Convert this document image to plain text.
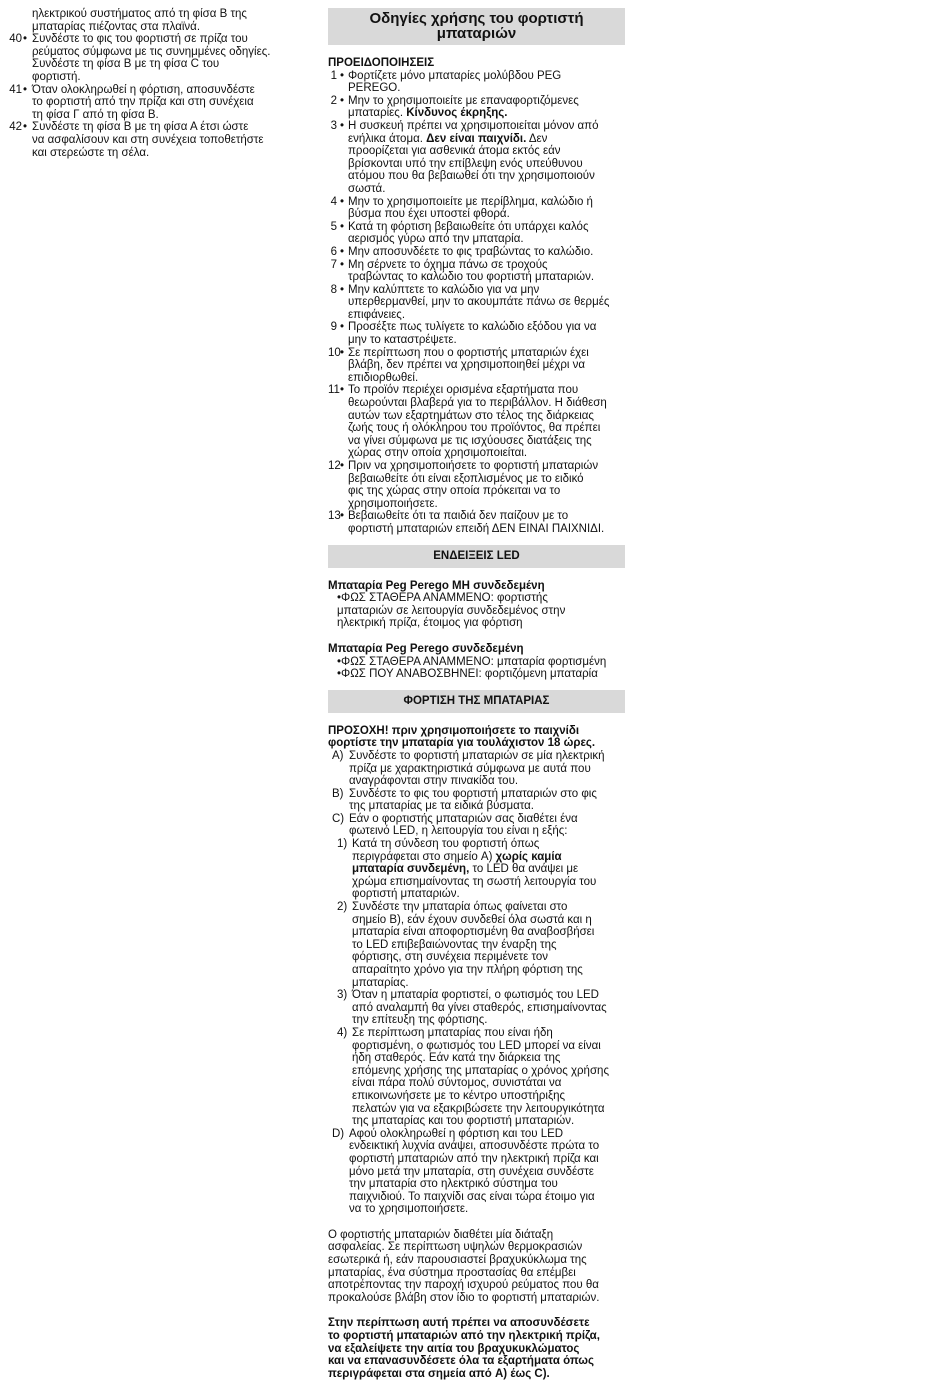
ηλεκτρικού συστήματος από τη φίσα Β της
μπαταρίας πιέζοντας στα πλαϊνά.
40 • Συνδέστε το φις του φορτιστή σε πρίζα του
ρεύματος σύμφωνα με τις συνημμένες οδηγίες.
Συνδέστε τη φίσα Β με τη φίσα C του
φορτιστή.
41 • Όταν ολοκληρωθεί η φόρτιση, αποσυνδέστε
το φορτιστή από την πρίζα και στη συνέχεια
τη φίσα Γ από τη φίσα Β.
42 • Συνδέστε τη φίσα Β με τη φίσα Α έτσι ώστε
να ασφαλίσουν και στη συνέχεια τοποθετήστε
και στερεώστε τη σέλα.
Οδηγίες χρήσης του φορτιστή
μπαταριών
ΠΡΟΕΙΔΟΠΟΙΗΣΕΙΣ
1 • Φορτίζετε μόνο μπαταρίες μολύβδου PEG
PEREGO.
2 • Μην το χρησιμοποιείτε με επαναφορτιζόμενες
μπαταρίες. Κίνδυνος έκρηξης.
3 • Η συσκευή πρέπει να χρησιμοποιείται μόνον από
ενήλικα άτομα. Δεν είναι παιχνίδι. Δεν
προορίζεται για ασθενικά άτομα εκτός εάν
βρίσκονται υπό την επίβλεψη ενός υπεύθυνου
ατόμου που θα βεβαιωθεί ότι την χρησιμοποιούν
σωστά.
4 • Μην το χρησιμοποιείτε με περίβλημα, καλώδιο ή
βύσμα που έχει υποστεί φθορά.
5 • Κατά τη φόρτιση βεβαιωθείτε ότι υπάρχει καλός
αερισμός γύρω από την μπαταρία.
6 • Μην αποσυνδέετε το φις τραβώντας το καλώδιο.
7 • Μη σέρνετε το όχημα πάνω σε τροχούς
τραβώντας το καλώδιο του φορτιστή μπαταριών.
8 • Μην καλύπτετε το καλώδιο για να μην
υπερθερμανθεί, μην το ακουμπάτε πάνω σε θερμές
επιφάνειες.
9 • Προσέξτε πως τυλίγετε το καλώδιο εξόδου για να
μην το καταστρέψετε.
10 • Σε περίπτωση που ο φορτιστής μπαταριών έχει
βλάβη, δεν πρέπει να χρησιμοποιηθεί μέχρι να
επιδιορθωθεί.
11 • Το προϊόν περιέχει ορισμένα εξαρτήματα που
θεωρούνται βλαβερά για το περιβάλλον. Η διάθεση
αυτών των εξαρτημάτων στο τέλος της διάρκειας
ζωής τους ή ολόκληρου του προϊόντος, θα πρέπει
να γίνει σύμφωνα με τις ισχύουσες διατάξεις της
χώρας στην οποία χρησιμοποιείται.
12 • Πριν να χρησιμοποιήσετε το φορτιστή μπαταριών
βεβαιωθείτε ότι είναι εξοπλισμένος με το ειδικό
φις της χώρας στην οποία πρόκειται να το
χρησιμοποιήσετε.
13 • Βεβαιωθείτε ότι τα παιδιά δεν παίζουν με το
φορτιστή μπαταριών επειδή ΔΕΝ ΕΙΝΑΙ ΠΑΙΧΝΙΔΙ.
ΕΝΔΕΙΞΕΙΣ LED
Μπαταρία Peg Perego ΜΗ συνδεδεμένη
•ΦΩΣ ΣΤΑΘΕΡΑ ΑΝΑΜΜΕΝΟ: φορτιστής
μπαταριών σε λειτουργία συνδεδεμένος στην
ηλεκτρική πρίζα, έτοιμος για φόρτιση
Μπαταρία Peg Perego συνδεδεμένη
•ΦΩΣ ΣΤΑΘΕΡΑ ΑΝΑΜΜΕΝΟ: μπαταρία φορτισμένη
•ΦΩΣ ΠΟΥ ΑΝΑΒΟΣΒΗΝΕΙ: φορτιζόμενη μπαταρία
ΦΟΡΤΙΣΗ ΤΗΣ ΜΠΑΤΑΡΙΑΣ
ΠΡΟΣΟΧΗ! πριν χρησιμοποιήσετε το παιχνίδι
φορτίστε την μπαταρία για τουλάχιστον 18 ώρες.
A) Συνδέστε το φορτιστή μπαταριών σε μία ηλεκτρική
πρίζα με χαρακτηριστικά σύμφωνα με αυτά που
αναγράφονται στην πινακίδα του.
B) Συνδέστε το φις του φορτιστή μπαταριών στο φις
της μπαταρίας με τα ειδικά βύσματα.
C) Εάν ο φορτιστής μπαταριών σας διαθέτει ένα
φωτεινό LED, η λειτουργία του είναι η εξής:
1) Κατά τη σύνδεση του φορτιστή όπως
περιγράφεται στο σημείο A) χωρίς καμία
μπαταρία συνδεμένη, το LED θα ανάψει με
χρώμα επισημαίνοντας τη σωστή λειτουργία του
φορτιστή μπαταριών.
2) Συνδέστε την μπαταρία όπως φαίνεται στο
σημείο Β), εάν έχουν συνδεθεί όλα σωστά και η
μπαταρία είναι αποφορτισμένη θα αναβοσβήσει
το LED επιβεβαιώνοντας την έναρξη της
φόρτισης, στη συνέχεια περιμένετε τον
απαραίτητο χρόνο για την πλήρη φόρτιση της
μπαταρίας.
3) Όταν η μπαταρία φορτιστεί, ο φωτισμός του LED
από αναλαμπή θα γίνει σταθερός, επισημαίνοντας
την επίτευξη της φόρτισης.
4) Σε περίπτωση μπαταρίας που είναι ήδη
φορτισμένη, ο φωτισμός του LED μπορεί να είναι
ήδη σταθερός. Εάν κατά την διάρκεια της
επόμενης χρήσης της μπαταρίας ο χρόνος χρήσης
είναι πάρα πολύ σύντομος, συνιστάται να
επικοινωνήσετε με το κέντρο υποστήριξης
πελατών για να εξακριβώσετε την λειτουργικότητα
της μπαταρίας και του φορτιστή μπαταριών.
D) Αφού ολοκληρωθεί η φόρτιση και του LED
ενδεικτική λυχνία ανάψει, αποσυνδέστε πρώτα το
φορτιστή μπαταριών από την ηλεκτρική πρίζα και
μόνο μετά την μπαταρία, στη συνέχεια συνδέστε
την μπαταρία στο ηλεκτρικό σύστημα του
παιχνιδιού. Το παιχνίδι σας είναι τώρα έτοιμο για
να το χρησιμοποιήσετε.
Ο φορτιστής μπαταριών διαθέτει μία διάταξη
ασφαλείας. Σε περίπτωση υψηλών θερμοκρασιών
εσωτερικά ή, εάν παρουσιαστεί βραχυκύκλωμα της
μπαταρίας, ένα σύστημα προστασίας θα επέμβει
αποτρέποντας την παροχή ισχυρού ρεύματος που θα
προκαλούσε βλάβη στον ίδιο το φορτιστή μπαταριών.
Στην περίπτωση αυτή πρέπει να αποσυνδέσετε
το φορτιστή μπαταριών από την ηλεκτρική πρίζα,
να εξαλείψετε την αιτία του βραχυκυκλώματος
και να επανασυνδέσετε όλα τα εξαρτήματα όπως
περιγράφεται στα σημεία από A) έως C).
